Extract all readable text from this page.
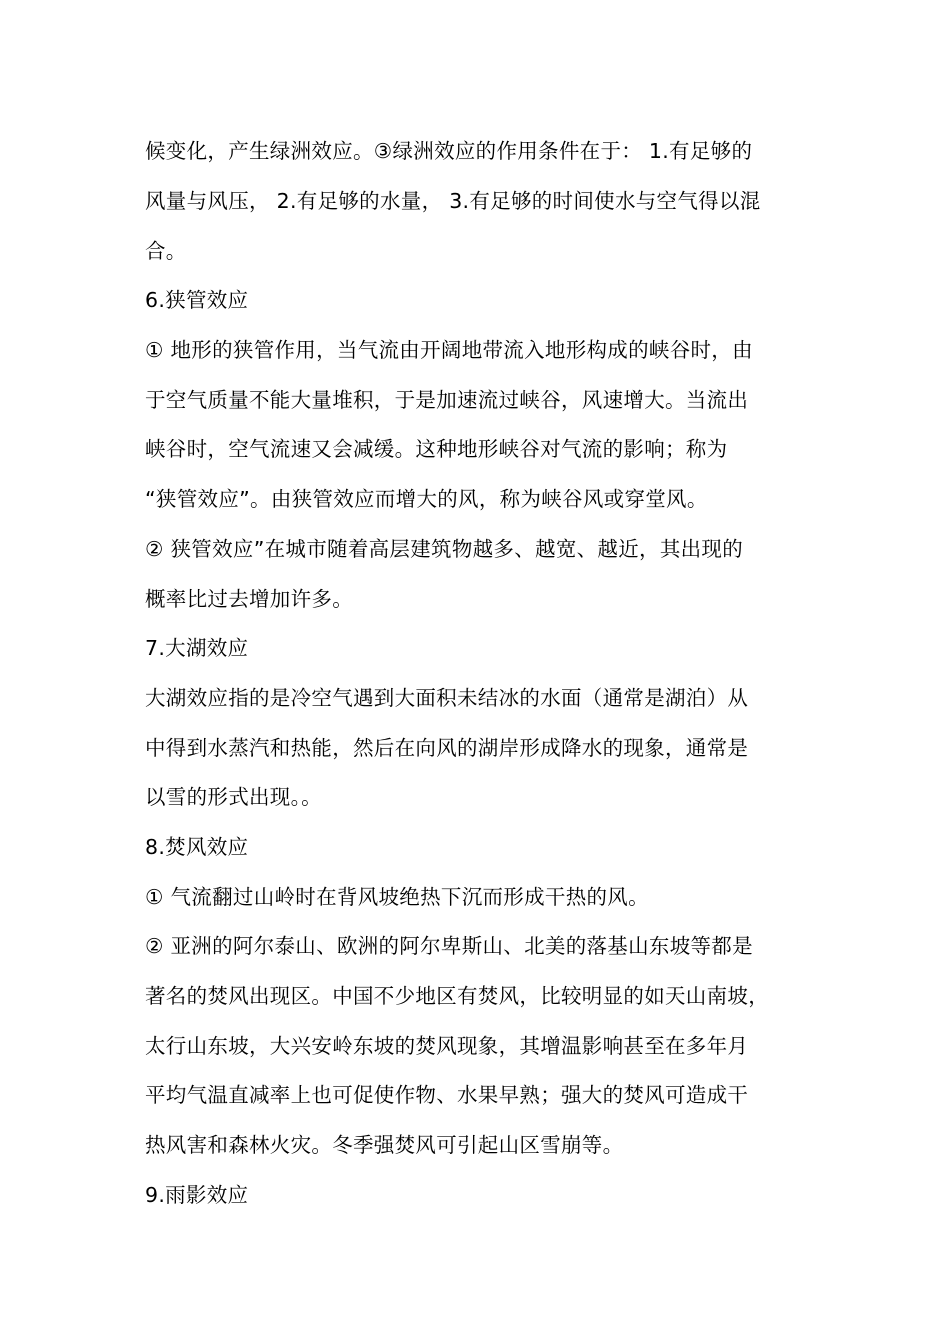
候变化，产生绿洲效应。③绿洲效应的作用条件在于： 1.有足够的
风量与风压， 2.有足够的水量， 3.有足够的时间使水与空气得以混
合。
6.狭管效应
① 地形的狭管作用，当气流由开阔地带流入地形构成的峡谷时，由
于空气质量不能大量堆积，于是加速流过峡谷，风速增大。当流出
峡谷时，空气流速又会减缓。这种地形峡谷对气流的影响；称为
“狭管效应”。由狭管效应而增大的风，称为峡谷风或穿堂风。
② 狭管效应”在城市随着高层建筑物越多、越宽、越近，其出现的
概率比过去增加许多。
7.大湖效应
大湖效应指的是冷空气遇到大面积未结冰的水面（通常是湖泊）从
中得到水蒸汽和热能，然后在向风的湖岸形成降水的现象，通常是
以雪的形式出现。。
8.焚风效应
① 气流翻过山岭时在背风坡绝热下沉而形成干热的风。
② 亚洲的阿尔泰山、欧洲的阿尔卑斯山、北美的落基山东坡等都是
著名的焚风出现区。中国不少地区有焚风，比较明显的如天山南坡，
太行山东坡，大兴安岭东坡的焚风现象，其增温影响甚至在多年月
平均气温直减率上也可促使作物、水果早熟；强大的焚风可造成干
热风害和森林火灾。冬季强焚风可引起山区雪崩等。
9.雨影效应
